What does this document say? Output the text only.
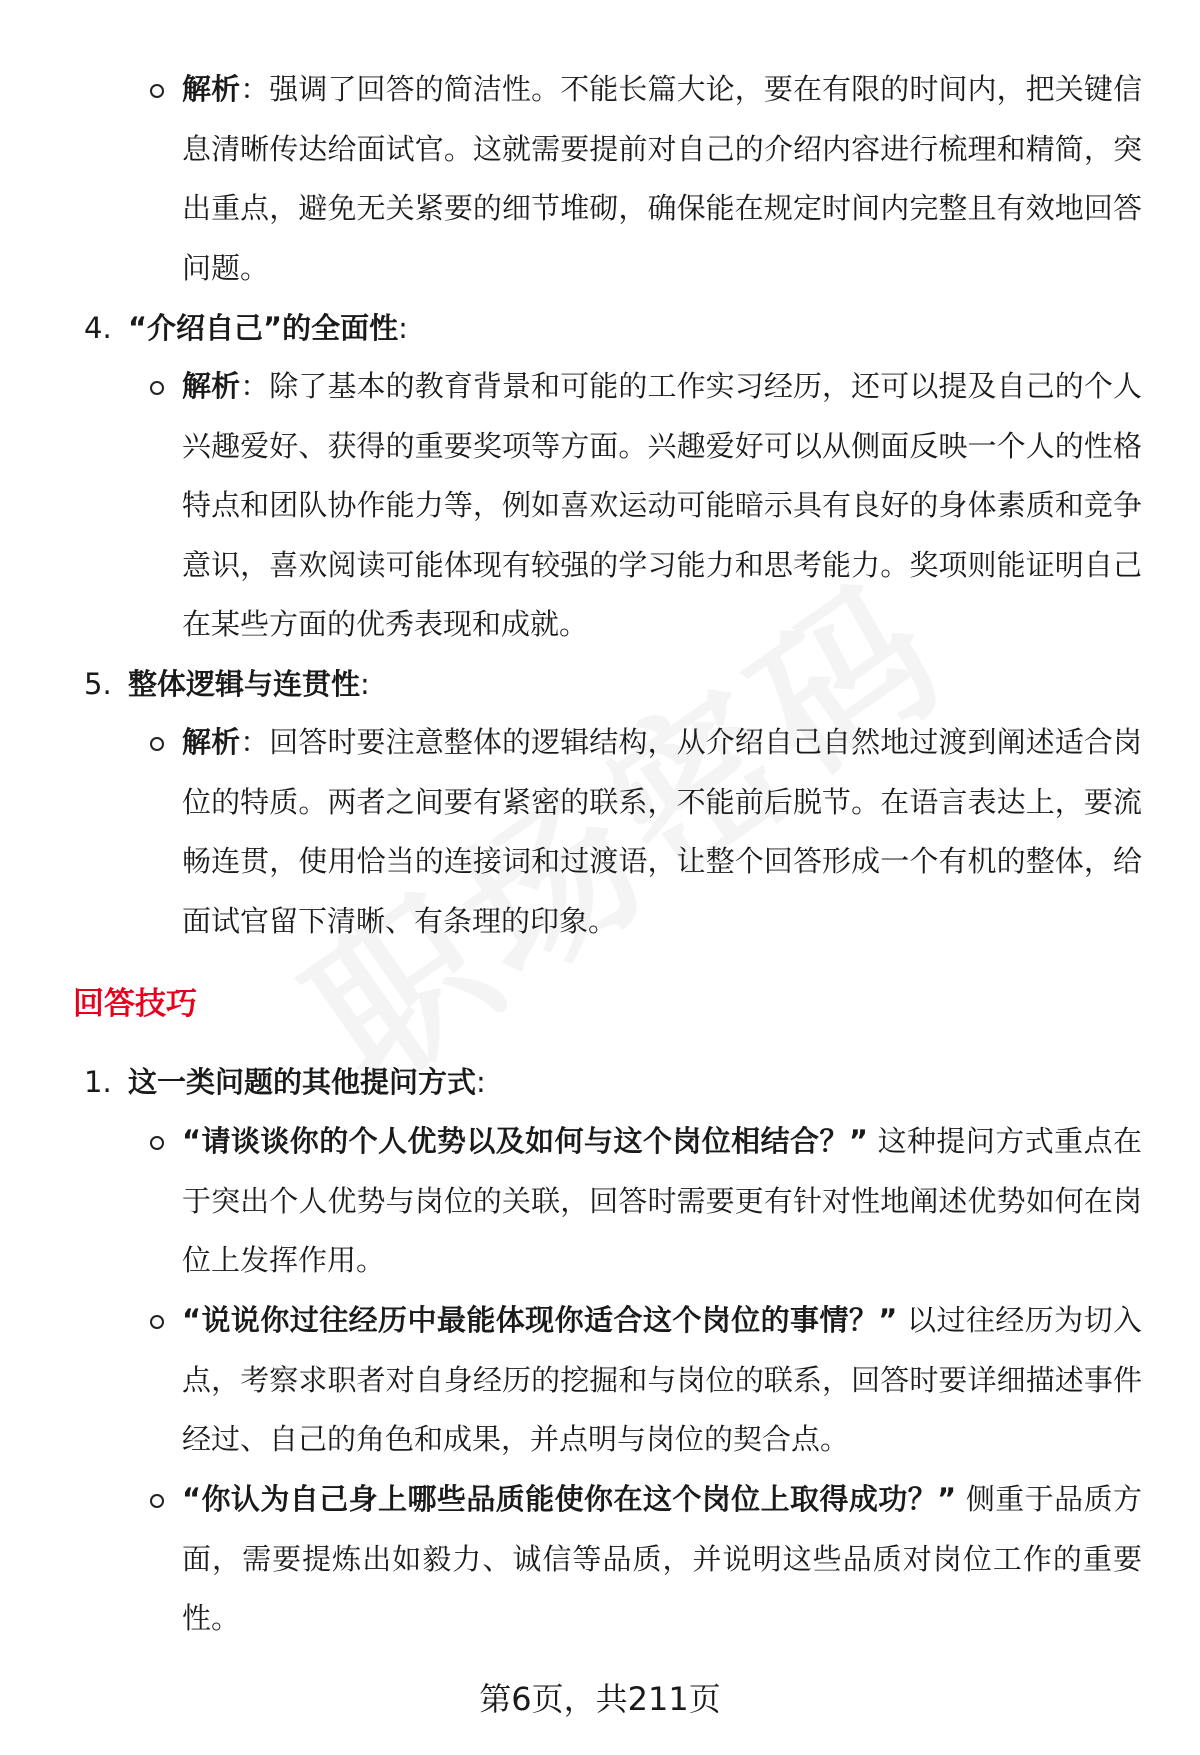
解析：强调了回答的简洁性。不能长篇大论，要在有限的时间内，把关键信息清晰传达给面试官。这就需要提前对自己的介绍内容进行梳理和精简，突出重点，避免无关紧要的细节堆砌，确保能在规定时间内完整且有效地回答问题。
4. “介绍自己”的全面性:
解析：除了基本的教育背景和可能的工作实习经历，还可以提及自己的个人兴趣爱好、获得的重要奖项等方面。兴趣爱好可以从侧面反映一个人的性格特点和团队协作能力等，例如喜欢运动可能暗示具有良好的身体素质和竞争意识，喜欢阅读可能体现有较强的学习能力和思考能力。奖项则能证明自己在某些方面的优秀表现和成就。
5. 整体逻辑与连贯性:
解析：回答时要注意整体的逻辑结构，从介绍自己自然地过渡到阐述适合岗位的特质。两者之间要有紧密的联系，不能前后脱节。在语言表达上，要流畅连贯，使用恰当的连接词和过渡语，让整个回答形成一个有机的整体，给面试官留下清晰、有条理的印象。
回答技巧
1. 这一类问题的其他提问方式:
“请谈谈你的个人优势以及如何与这个岗位相结合？” 这种提问方式重点在于突出个人优势与岗位的关联，回答时需要更有针对性地阐述优势如何在岗位上发挥作用。
“说说你过往经历中最能体现你适合这个岗位的事情？” 以过往经历为切入点，考察求职者对自身经历的挖掘和与岗位的联系，回答时要详细描述事件经过、自己的角色和成果，并点明与岗位的契合点。
“你认为自己身上哪些品质能使你在这个岗位上取得成功？” 侧重于品质方面，需要提炼出如毅力、诚信等品质，并说明这些品质对岗位工作的重要性。
第6页，共211页
